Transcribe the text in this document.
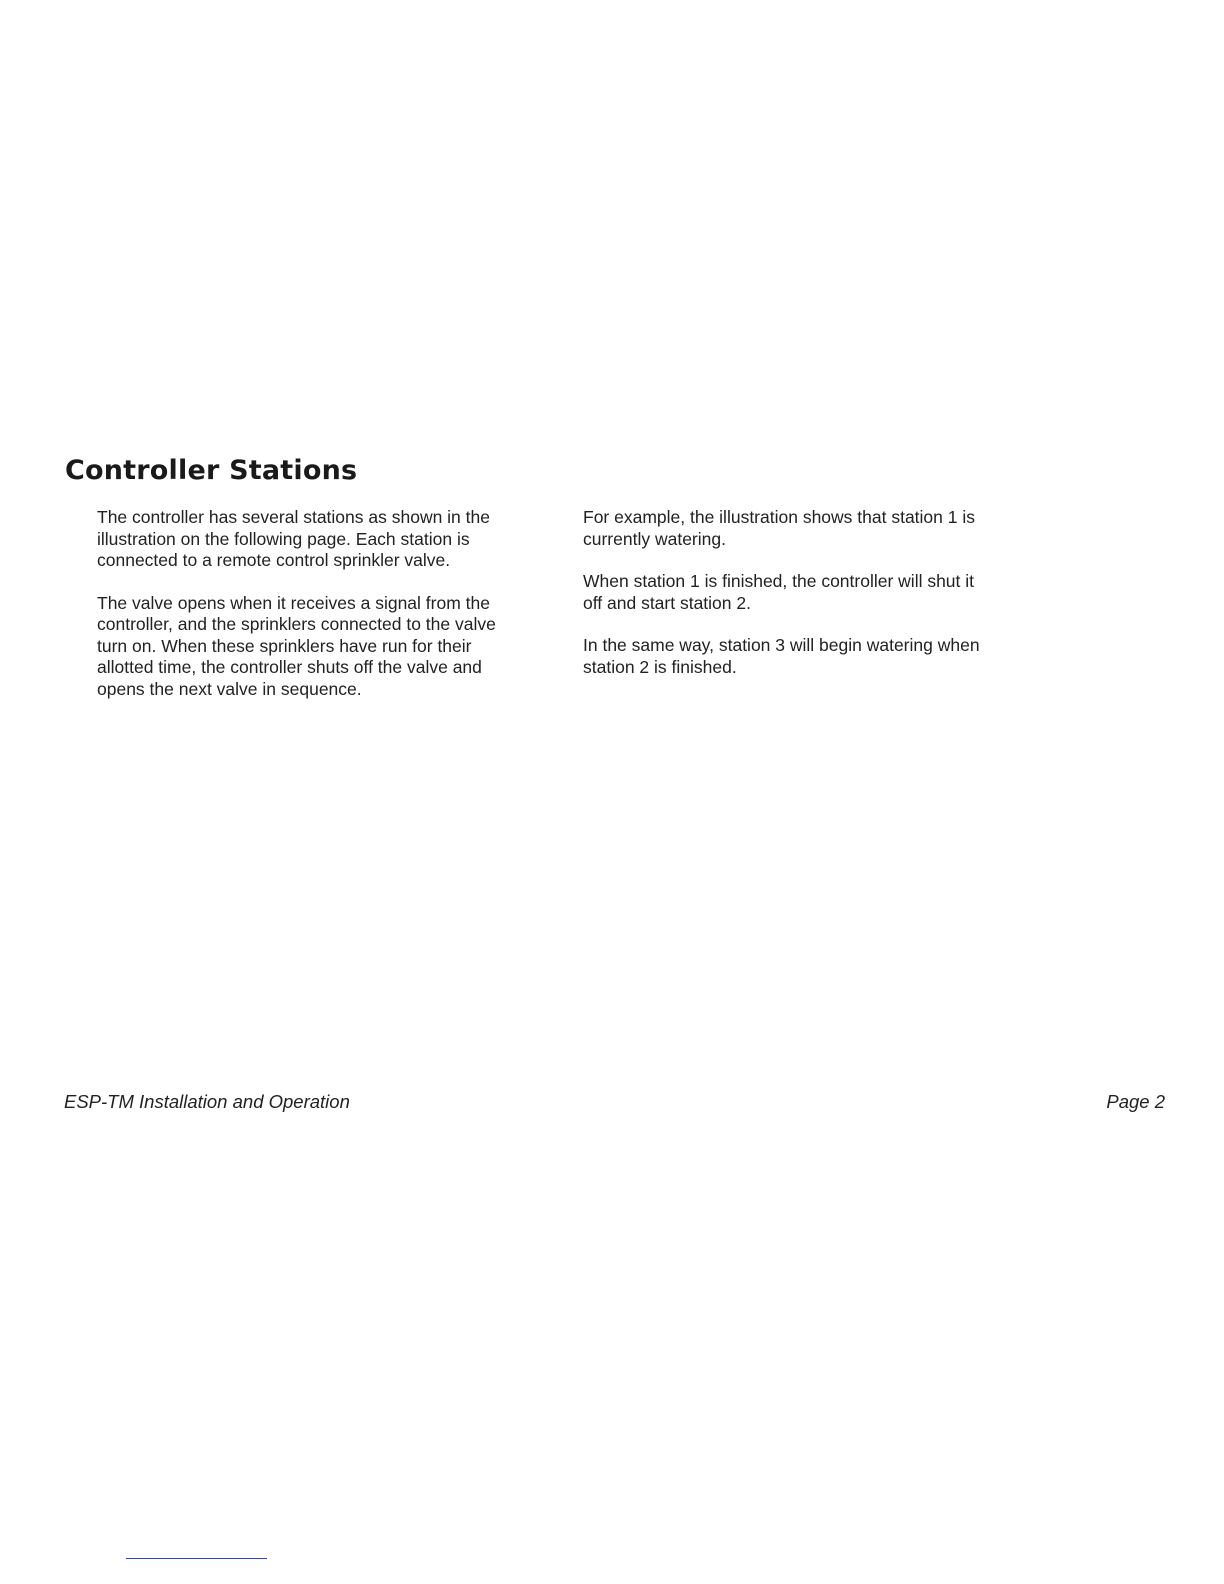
Controller Stations

The controller has several stations as shown in the
illustration on the following page. Each station is
connected to a remote control sprinkler valve.

The valve opens when it receives a signal from the
controller, and the sprinklers connected to the valve
turn on. When these sprinklers have run for their
allotted time, the controller shuts off the valve and
opens the next valve in sequence.

For example, the illustration shows that station 1 is
currently watering.

When station 1 is finished, the controller will shut it
off and start station 2.

In the same way, station 3 will begin watering when
station 2 is finished.

ESP-TM Installation and Operation	Page 2
